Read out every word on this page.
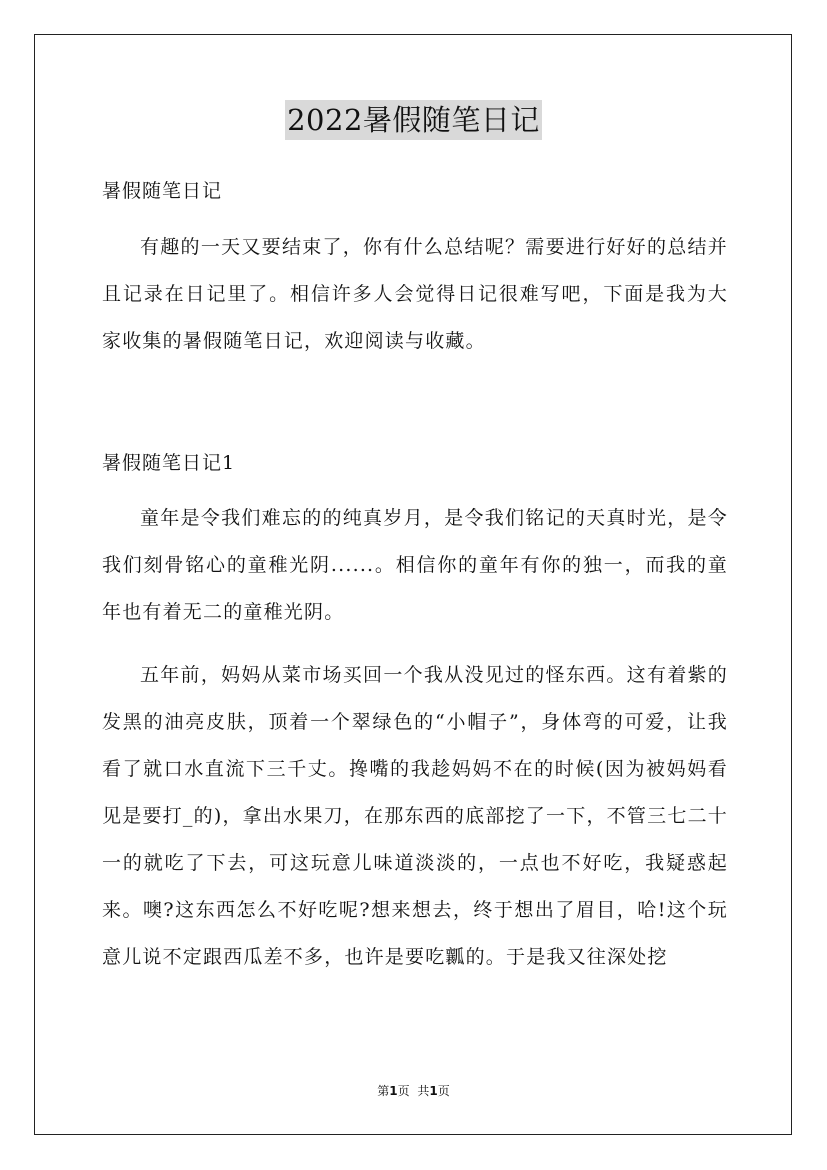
2022暑假随笔日记
暑假随笔日记

有趣的一天又要结束了，你有什么总结呢？需要进行好好的总结并且记录在日记里了。相信许多人会觉得日记很难写吧，下面是我为大家收集的暑假随笔日记，欢迎阅读与收藏。

暑假随笔日记1

童年是令我们难忘的的纯真岁月，是令我们铭记的天真时光，是令我们刻骨铭心的童稚光阴......。相信你的童年有你的独一，而我的童年也有着无二的童稚光阴。

五年前，妈妈从菜市场买回一个我从没见过的怪东西。这有着紫的发黑的油亮皮肤，顶着一个翠绿色的“小帽子”，身体弯的可爱，让我看了就口水直流下三千丈。搀嘴的我趁妈妈不在的时候(因为被妈妈看见是要打_的)，拿出水果刀，在那东西的底部挖了一下，不管三七二十一的就吃了下去，可这玩意儿味道淡淡的，一点也不好吃，我疑惑起来。噢?这东西怎么不好吃呢?想来想去，终于想出了眉目，哈!这个玩意儿说不定跟西瓜差不多，也许是要吃瓤的。于是我又往深处挖

第1页 共1页
